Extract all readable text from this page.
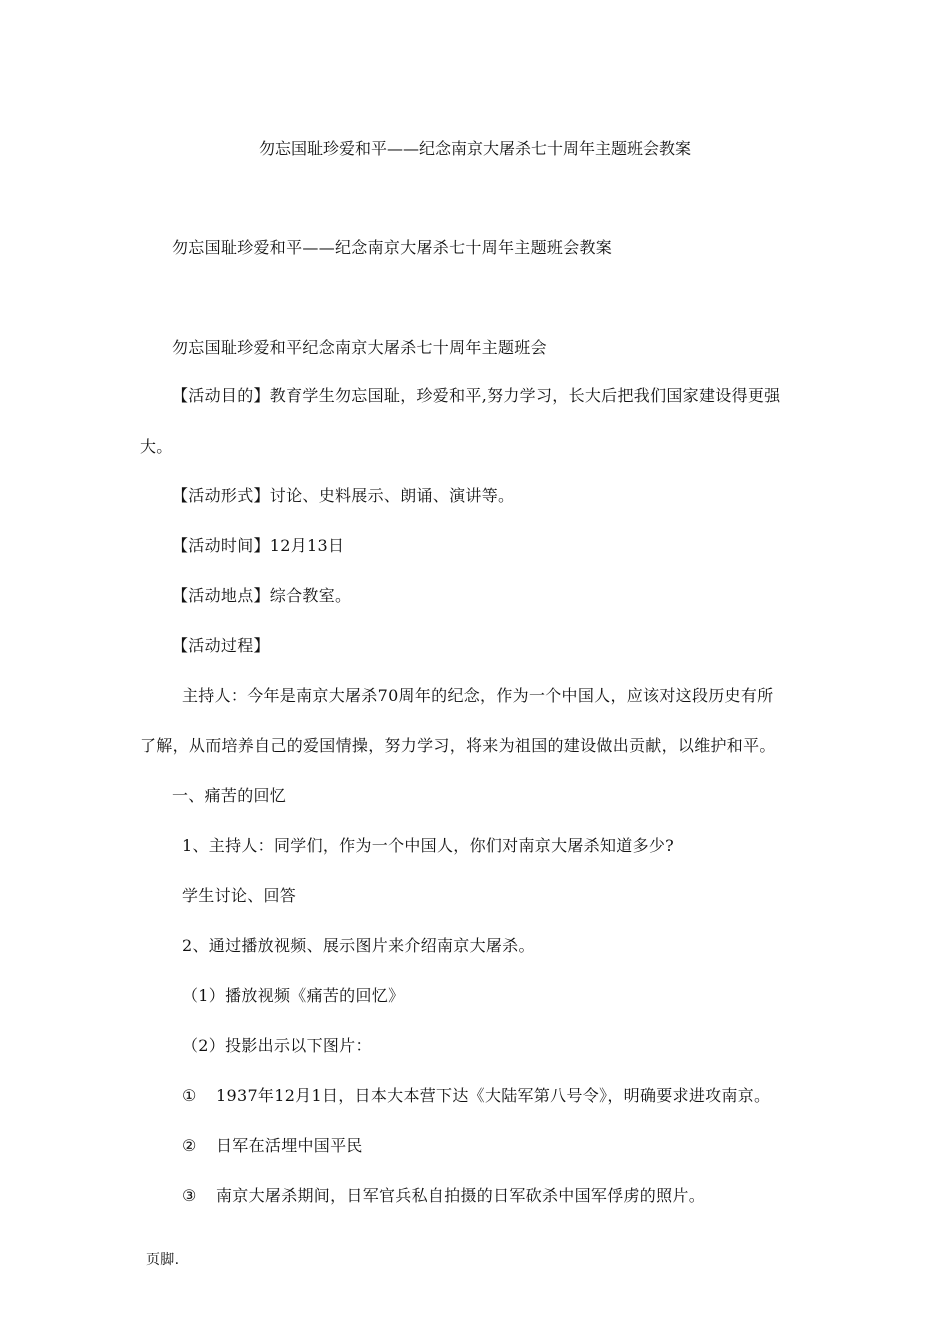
勿忘国耻珍爱和平——纪念南京大屠杀七十周年主题班会教案
勿忘国耻珍爱和平——纪念南京大屠杀七十周年主题班会教案
勿忘国耻珍爱和平纪念南京大屠杀七十周年主题班会
【活动目的】教育学生勿忘国耻，珍爱和平,努力学习，长大后把我们国家建设得更强
大。
【活动形式】讨论、史料展示、朗诵、演讲等。
【活动时间】12月13日
【活动地点】综合教室。
【活动过程】
主持人：今年是南京大屠杀70周年的纪念，作为一个中国人，应该对这段历史有所
了解，从而培养自己的爱国情操，努力学习，将来为祖国的建设做出贡献，以维护和平。
一、痛苦的回忆
1、主持人：同学们，作为一个中国人，你们对南京大屠杀知道多少?
学生讨论、回答
2、通过播放视频、展示图片来介绍南京大屠杀。
（1）播放视频《痛苦的回忆》
（2）投影出示以下图片：
① 1937年12月1日，日本大本营下达《大陆军第八号令》，明确要求进攻南京。
② 日军在活埋中国平民
③ 南京大屠杀期间，日军官兵私自拍摄的日军砍杀中国军俘虏的照片。
页脚.
